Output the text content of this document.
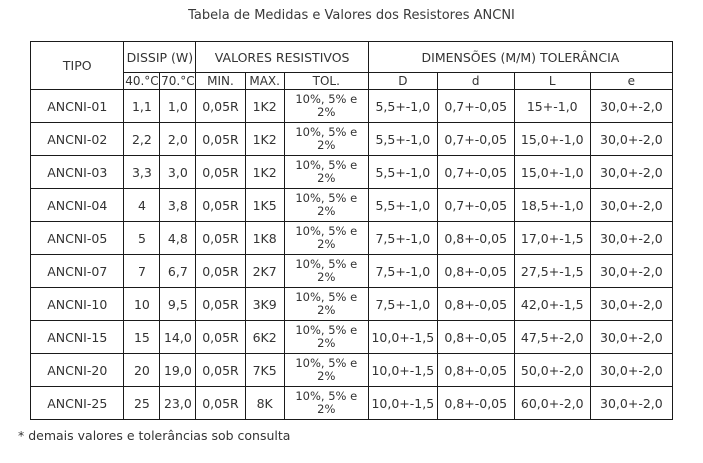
Tabela de Medidas e Valores dos Resistores ANCNI
TIPO	DISSIP (W)		VALORES RESISTIVOS			DIMENSÕES (M/M) TOLERÂNCIA			
	40.°C	70.°C	MIN.	MAX.	TOL.	D	d	L	e
ANCNI-01	1,1	1,0	0,05R	1K2	10%, 5% e 2%	5,5+-1,0	0,7+-0,05	15+-1,0	30,0+-2,0
ANCNI-02	2,2	2,0	0,05R	1K2	10%, 5% e 2%	5,5+-1,0	0,7+-0,05	15,0+-1,0	30,0+-2,0
ANCNI-03	3,3	3,0	0,05R	1K2	10%, 5% e 2%	5,5+-1,0	0,7+-0,05	15,0+-1,0	30,0+-2,0
ANCNI-04	4	3,8	0,05R	1K5	10%, 5% e 2%	5,5+-1,0	0,7+-0,05	18,5+-1,0	30,0+-2,0
ANCNI-05	5	4,8	0,05R	1K8	10%, 5% e 2%	7,5+-1,0	0,8+-0,05	17,0+-1,5	30,0+-2,0
ANCNI-07	7	6,7	0,05R	2K7	10%, 5% e 2%	7,5+-1,0	0,8+-0,05	27,5+-1,5	30,0+-2,0
ANCNI-10	10	9,5	0,05R	3K9	10%, 5% e 2%	7,5+-1,0	0,8+-0,05	42,0+-1,5	30,0+-2,0
ANCNI-15	15	14,0	0,05R	6K2	10%, 5% e 2%	10,0+-1,5	0,8+-0,05	47,5+-2,0	30,0+-2,0
ANCNI-20	20	19,0	0,05R	7K5	10%, 5% e 2%	10,0+-1,5	0,8+-0,05	50,0+-2,0	30,0+-2,0
ANCNI-25	25	23,0	0,05R	8K	10%, 5% e 2%	10,0+-1,5	0,8+-0,05	60,0+-2,0	30,0+-2,0
* demais valores e tolerâncias sob consulta
